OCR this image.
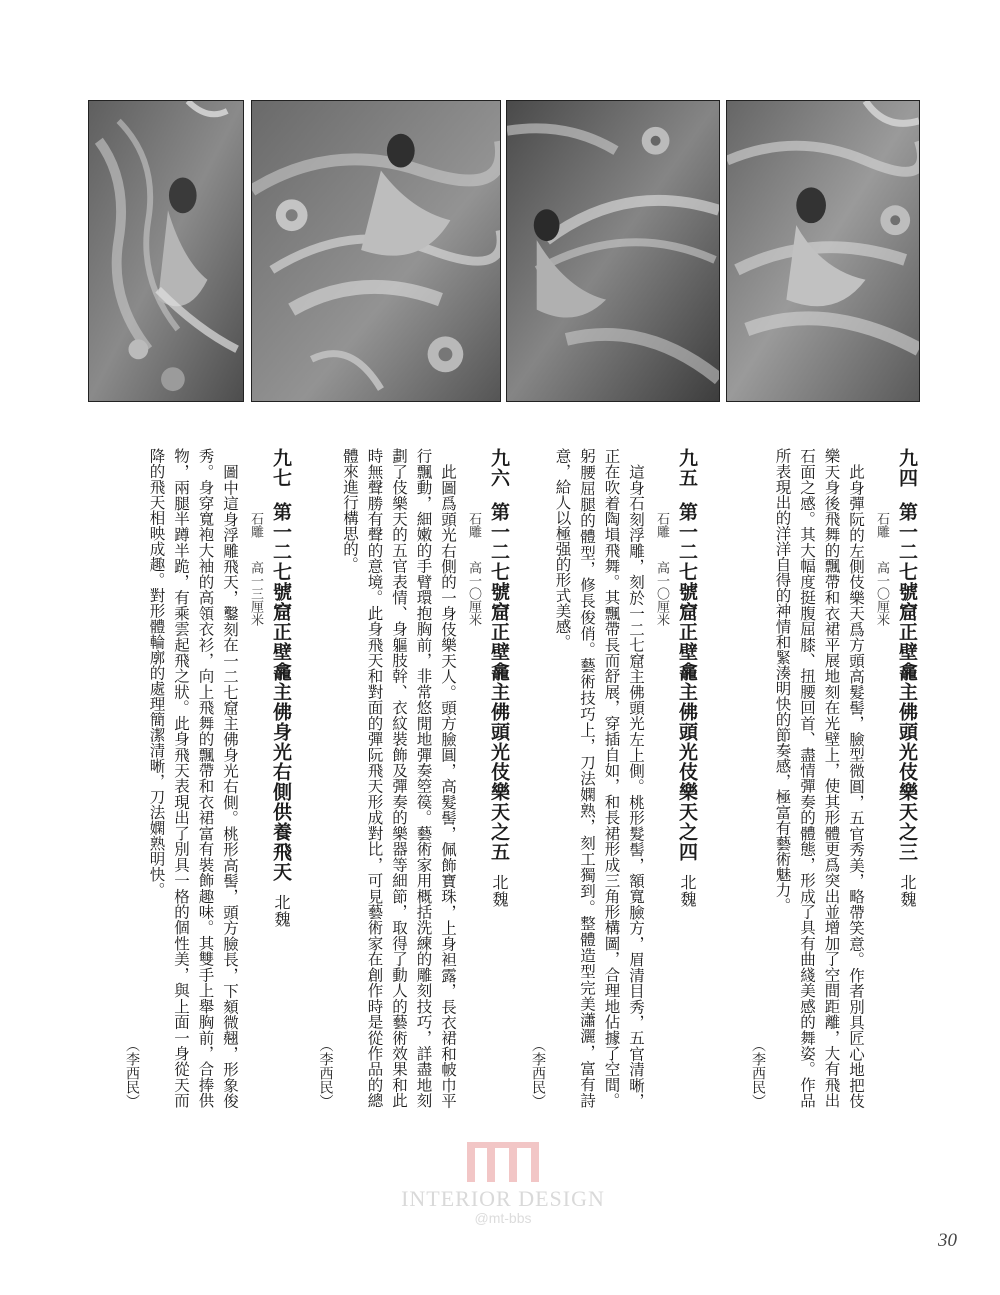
九四第一二七號窟正壁龕主佛頭光伎樂天之三北魏

石雕　高一〇厘米

此身彈阮的左側伎樂天爲方頭高髮髻，臉型微圓，五官秀美，略帶笑意。作者別具匠心地把伎樂天身後飛舞的飄帶和衣裙平展地刻在光壁上，使其形體更爲突出並增加了空間距離，大有飛出石面之感。其大幅度挺腹屈膝、扭腰回首、盡情彈奏的體態，形成了具有曲綫美感的舞姿。作品所表現出的洋洋自得的神情和緊湊明快的節奏感，極富有藝術魅力。

（李西民）

九五第一二七號窟正壁龕主佛頭光伎樂天之四北魏

石雕　高一〇厘米

這身石刻浮雕，刻於一二七窟主佛頭光左上側。桃形髮髻，額寬臉方，眉清目秀，五官清晰，正在吹着陶塤飛舞。其飄帶長而舒展，穿插自如，和長裙形成三角形構圖，合理地佔據了空間。躬腰屈腿的體型，修長俊俏。藝術技巧上，刀法嫻熟，刻工獨到。整體造型完美瀟灑，富有詩意，給人以極强的形式美感。

（李西民）

九六第一二七號窟正壁龕主佛頭光伎樂天之五北魏

石雕　高一〇厘米

此圖爲頭光右側的一身伎樂天人。頭方臉圓，高髮髻，佩飾寶珠，上身袒露，長衣裙和帔巾平行飄動，細嫩的手臂環抱胸前，非常悠閒地彈奏箜篌。藝術家用概括洗練的雕刻技巧，詳盡地刻劃了伎樂天的五官表情、身軀肢幹、衣紋裝飾及彈奏的樂器等細節，取得了動人的藝術效果和此時無聲勝有聲的意境。此身飛天和對面的彈阮飛天形成對比，可見藝術家在創作時是從作品的總體來進行構思的。

（李西民）

九七第一二七號窟正壁龕主佛身光右側供養飛天北魏

石雕　高一三厘米

圖中這身浮雕飛天，鑿刻在一二七窟主佛身光右側。桃形高髻，頭方臉長，下頦微翹，形象俊秀。身穿寬袍大袖的高領衣衫，向上飛舞的飄帶和衣裙富有裝飾趣味。其雙手上舉胸前，合捧供物，兩腿半蹲半跪，有乘雲起飛之狀。此身飛天表現出了別具一格的個性美，與上面一身從天而降的飛天相映成趣。對形體輪廓的處理簡潔清晰，刀法嫻熟明快。

（李西民）

INTERIOR DESIGN
@mt-bbs
30
